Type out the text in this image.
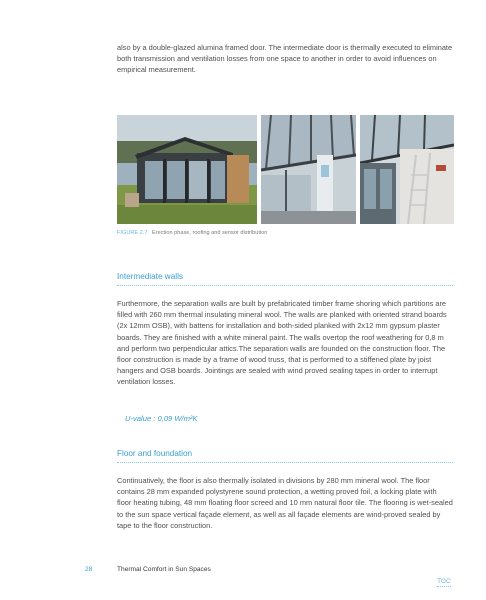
also by a double-glazed alumina framed door. The intermediate door is thermally executed to eliminate both transmission and ventilation losses from one space to another in order to avoid influences on empirical measurement.

FIGURE 2.7 Erection phase, roofing and sensor distribution
Intermediate walls

Furthermore, the separation walls are built by prefabricated timber frame shoring which partitions are filled with 260 mm thermal insulating mineral wool. The walls are planked with oriented strand boards (2x 12mm OSB), with battens for installation and both-sided planked with 2x12 mm gypsum plaster boards. They are finished with a white mineral paint. The walls overtop the roof weathering for 0,8 m and perform two perpendicular attics.The separation walls are founded on the construction floor. The floor construction is made by a frame of wood truss, that is performed to a stiffened plate by joist hangers and OSB boards. Jointings are sealed with wind proved sealing tapes in order to interrupt ventilation losses.

U-value : 0,09 W/m²K
Floor and foundation

Continuatively, the floor is also thermally isolated in divisions by 280 mm mineral wool. The floor contains 28 mm expanded polystyrene sound protection, a wetting proved foil, a locking plate with floor heating tubing, 48 mm floating floor screed and 10 mm natural floor tile. The flooring is wet-sealed to the sun space vertical façade element, as well as all façade elements are wind-proved sealed by tape to the floor construction.

28	Thermal Comfort in Sun Spaces
TOC
